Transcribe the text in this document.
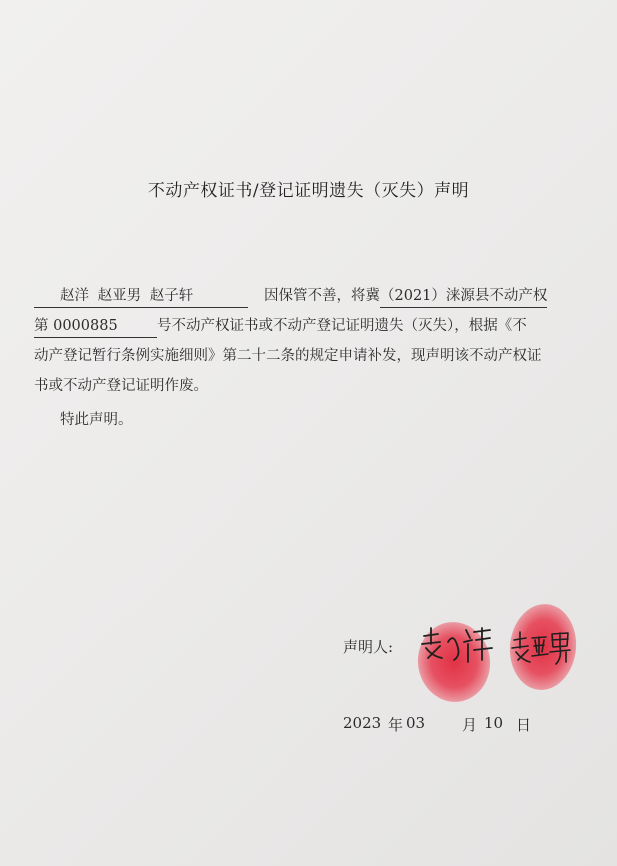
不动产权证书/登记证明遗失（灭失）声明
赵洋 赵亚男 赵子轩	因保管不善，将冀（2021）涞源县不动产权
第 0000885	号不动产权证书或不动产登记证明遗失（灭失），根据《不
动产登记暂行条例实施细则》第二十二条的规定申请补发，现声明该不动产权证
书或不动产登记证明作废。
特此声明。
声明人:
2023 年 03 月 10 日
